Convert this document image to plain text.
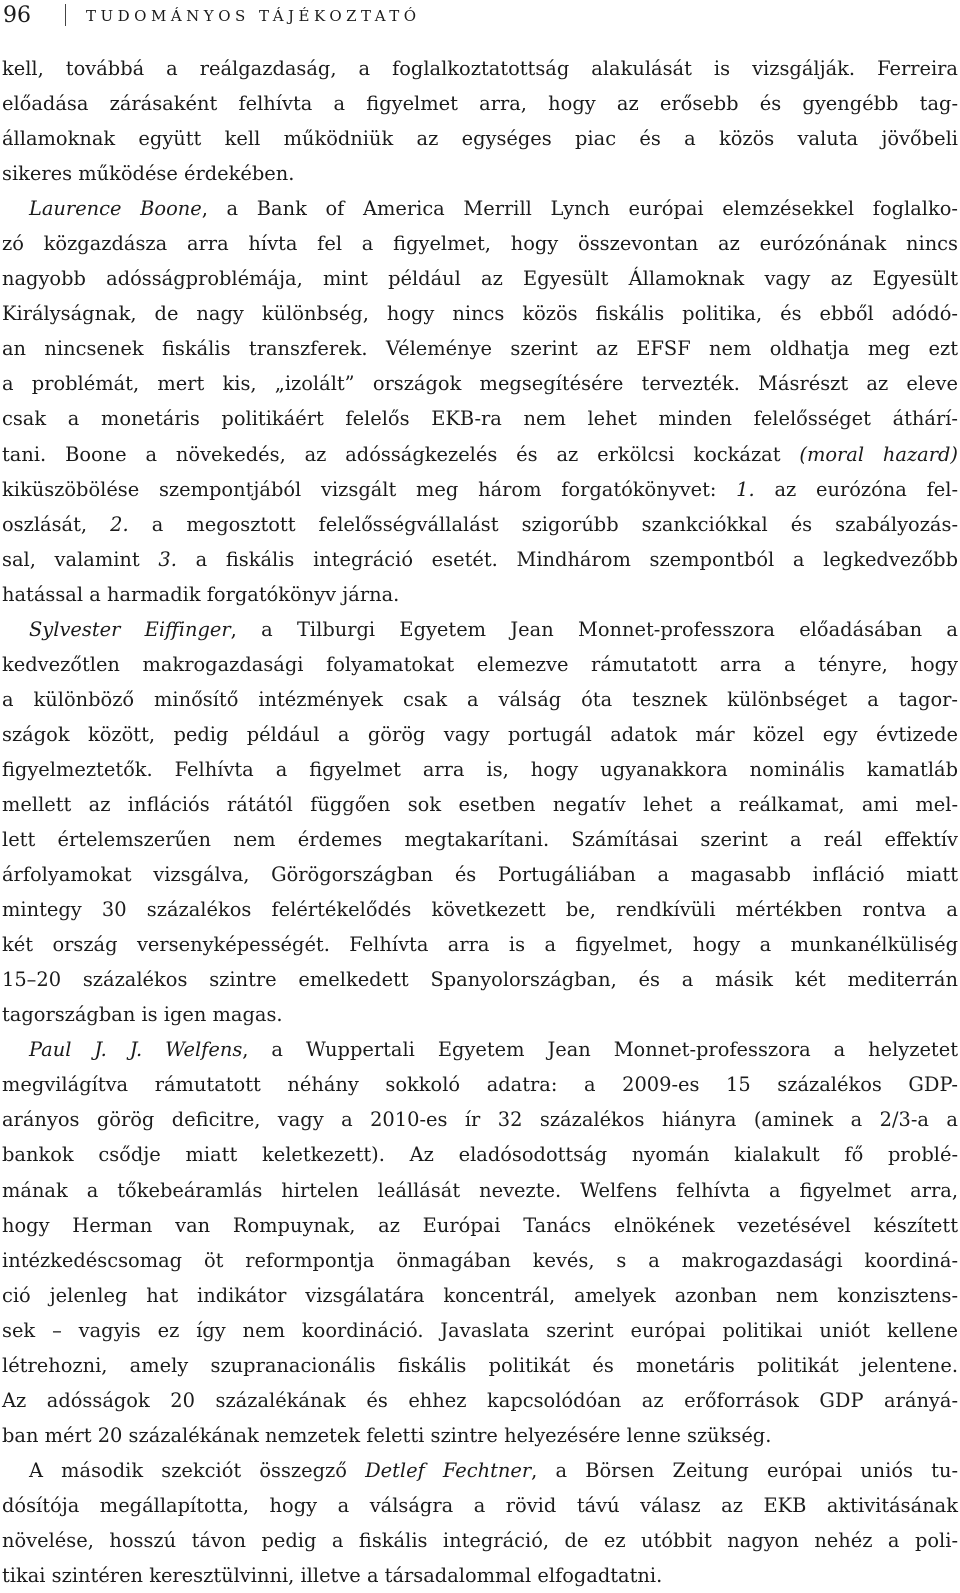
96	TUDOMÁNYOS TÁJÉKOZTATÓ
kell, továbbá a reálgazdaság, a foglalkoztatottság alakulását is vizsgálják. Ferreira
előadása zárásaként felhívta a figyelmet arra, hogy az erősebb és gyengébb tag-
államoknak együtt kell működniük az egységes piac és a közös valuta jövőbeli
sikeres működése érdekében.
Laurence Boone, a Bank of America Merrill Lynch európai elemzésekkel foglalko-
zó közgazdásza arra hívta fel a figyelmet, hogy összevontan az eurózónának nincs
nagyobb adósságproblémája, mint például az Egyesült Államoknak vagy az Egyesült
Királyságnak, de nagy különbség, hogy nincs közös fiskális politika, és ebből adódó-
an nincsenek fiskális transzferek. Véleménye szerint az EFSF nem oldhatja meg ezt
a problémát, mert kis, „izolált” országok megsegítésére tervezték. Másrészt az eleve
csak a monetáris politikáért felelős EKB-ra nem lehet minden felelősséget áthárí-
tani. Boone a növekedés, az adósságkezelés és az erkölcsi kockázat (moral hazard)
kiküszöbölése szempontjából vizsgált meg három forgatókönyvet: 1. az eurózóna fel-
oszlását, 2. a megosztott felelősségvállalást szigorúbb szankciókkal és szabályozás-
sal, valamint 3. a fiskális integráció esetét. Mindhárom szempontból a legkedvezőbb
hatással a harmadik forgatókönyv járna.
Sylvester Eiffinger, a Tilburgi Egyetem Jean Monnet-professzora előadásában a
kedvezőtlen makrogazdasági folyamatokat elemezve rámutatott arra a tényre, hogy
a különböző minősítő intézmények csak a válság óta tesznek különbséget a tagor-
szágok között, pedig például a görög vagy portugál adatok már közel egy évtizede
figyelmeztetők. Felhívta a figyelmet arra is, hogy ugyanakkora nominális kamatláb
mellett az inflációs rátától függően sok esetben negatív lehet a reálkamat, ami mel-
lett értelemszerűen nem érdemes megtakarítani. Számításai szerint a reál effektív
árfolyamokat vizsgálva, Görögországban és Portugáliában a magasabb infláció miatt
mintegy 30 százalékos felértékelődés következett be, rendkívüli mértékben rontva a
két ország versenyképességét. Felhívta arra is a figyelmet, hogy a munkanélküliség
15–20 százalékos szintre emelkedett Spanyolországban, és a másik két mediterrán
tagországban is igen magas.
Paul J. J. Welfens, a Wuppertali Egyetem Jean Monnet-professzora a helyzetet
megvilágítva rámutatott néhány sokkoló adatra: a 2009-es 15 százalékos GDP-
arányos görög deficitre, vagy a 2010-es ír 32 százalékos hiányra (aminek a 2/3-a a
bankok csődje miatt keletkezett). Az eladósodottság nyomán kialakult fő problé-
mának a tőkebeáramlás hirtelen leállását nevezte. Welfens felhívta a figyelmet arra,
hogy Herman van Rompuynak, az Európai Tanács elnökének vezetésével készített
intézkedéscsomag öt reformpontja önmagában kevés, s a makrogazdasági koordiná-
ció jelenleg hat indikátor vizsgálatára koncentrál, amelyek azonban nem konzisztens-
sek – vagyis ez így nem koordináció. Javaslata szerint európai politikai uniót kellene
létrehozni, amely szupranacionális fiskális politikát és monetáris politikát jelentene.
Az adósságok 20 százalékának és ehhez kapcsolódóan az erőforrások GDP arányá-
ban mért 20 százalékának nemzetek feletti szintre helyezésére lenne szükség.
A második szekciót összegző Detlef Fechtner, a Börsen Zeitung európai uniós tu-
dósítója megállapította, hogy a válságra a rövid távú válasz az EKB aktivitásának
növelése, hosszú távon pedig a fiskális integráció, de ez utóbbit nagyon nehéz a poli-
tikai szintéren keresztülvinni, illetve a társadalommal elfogadtatni.
